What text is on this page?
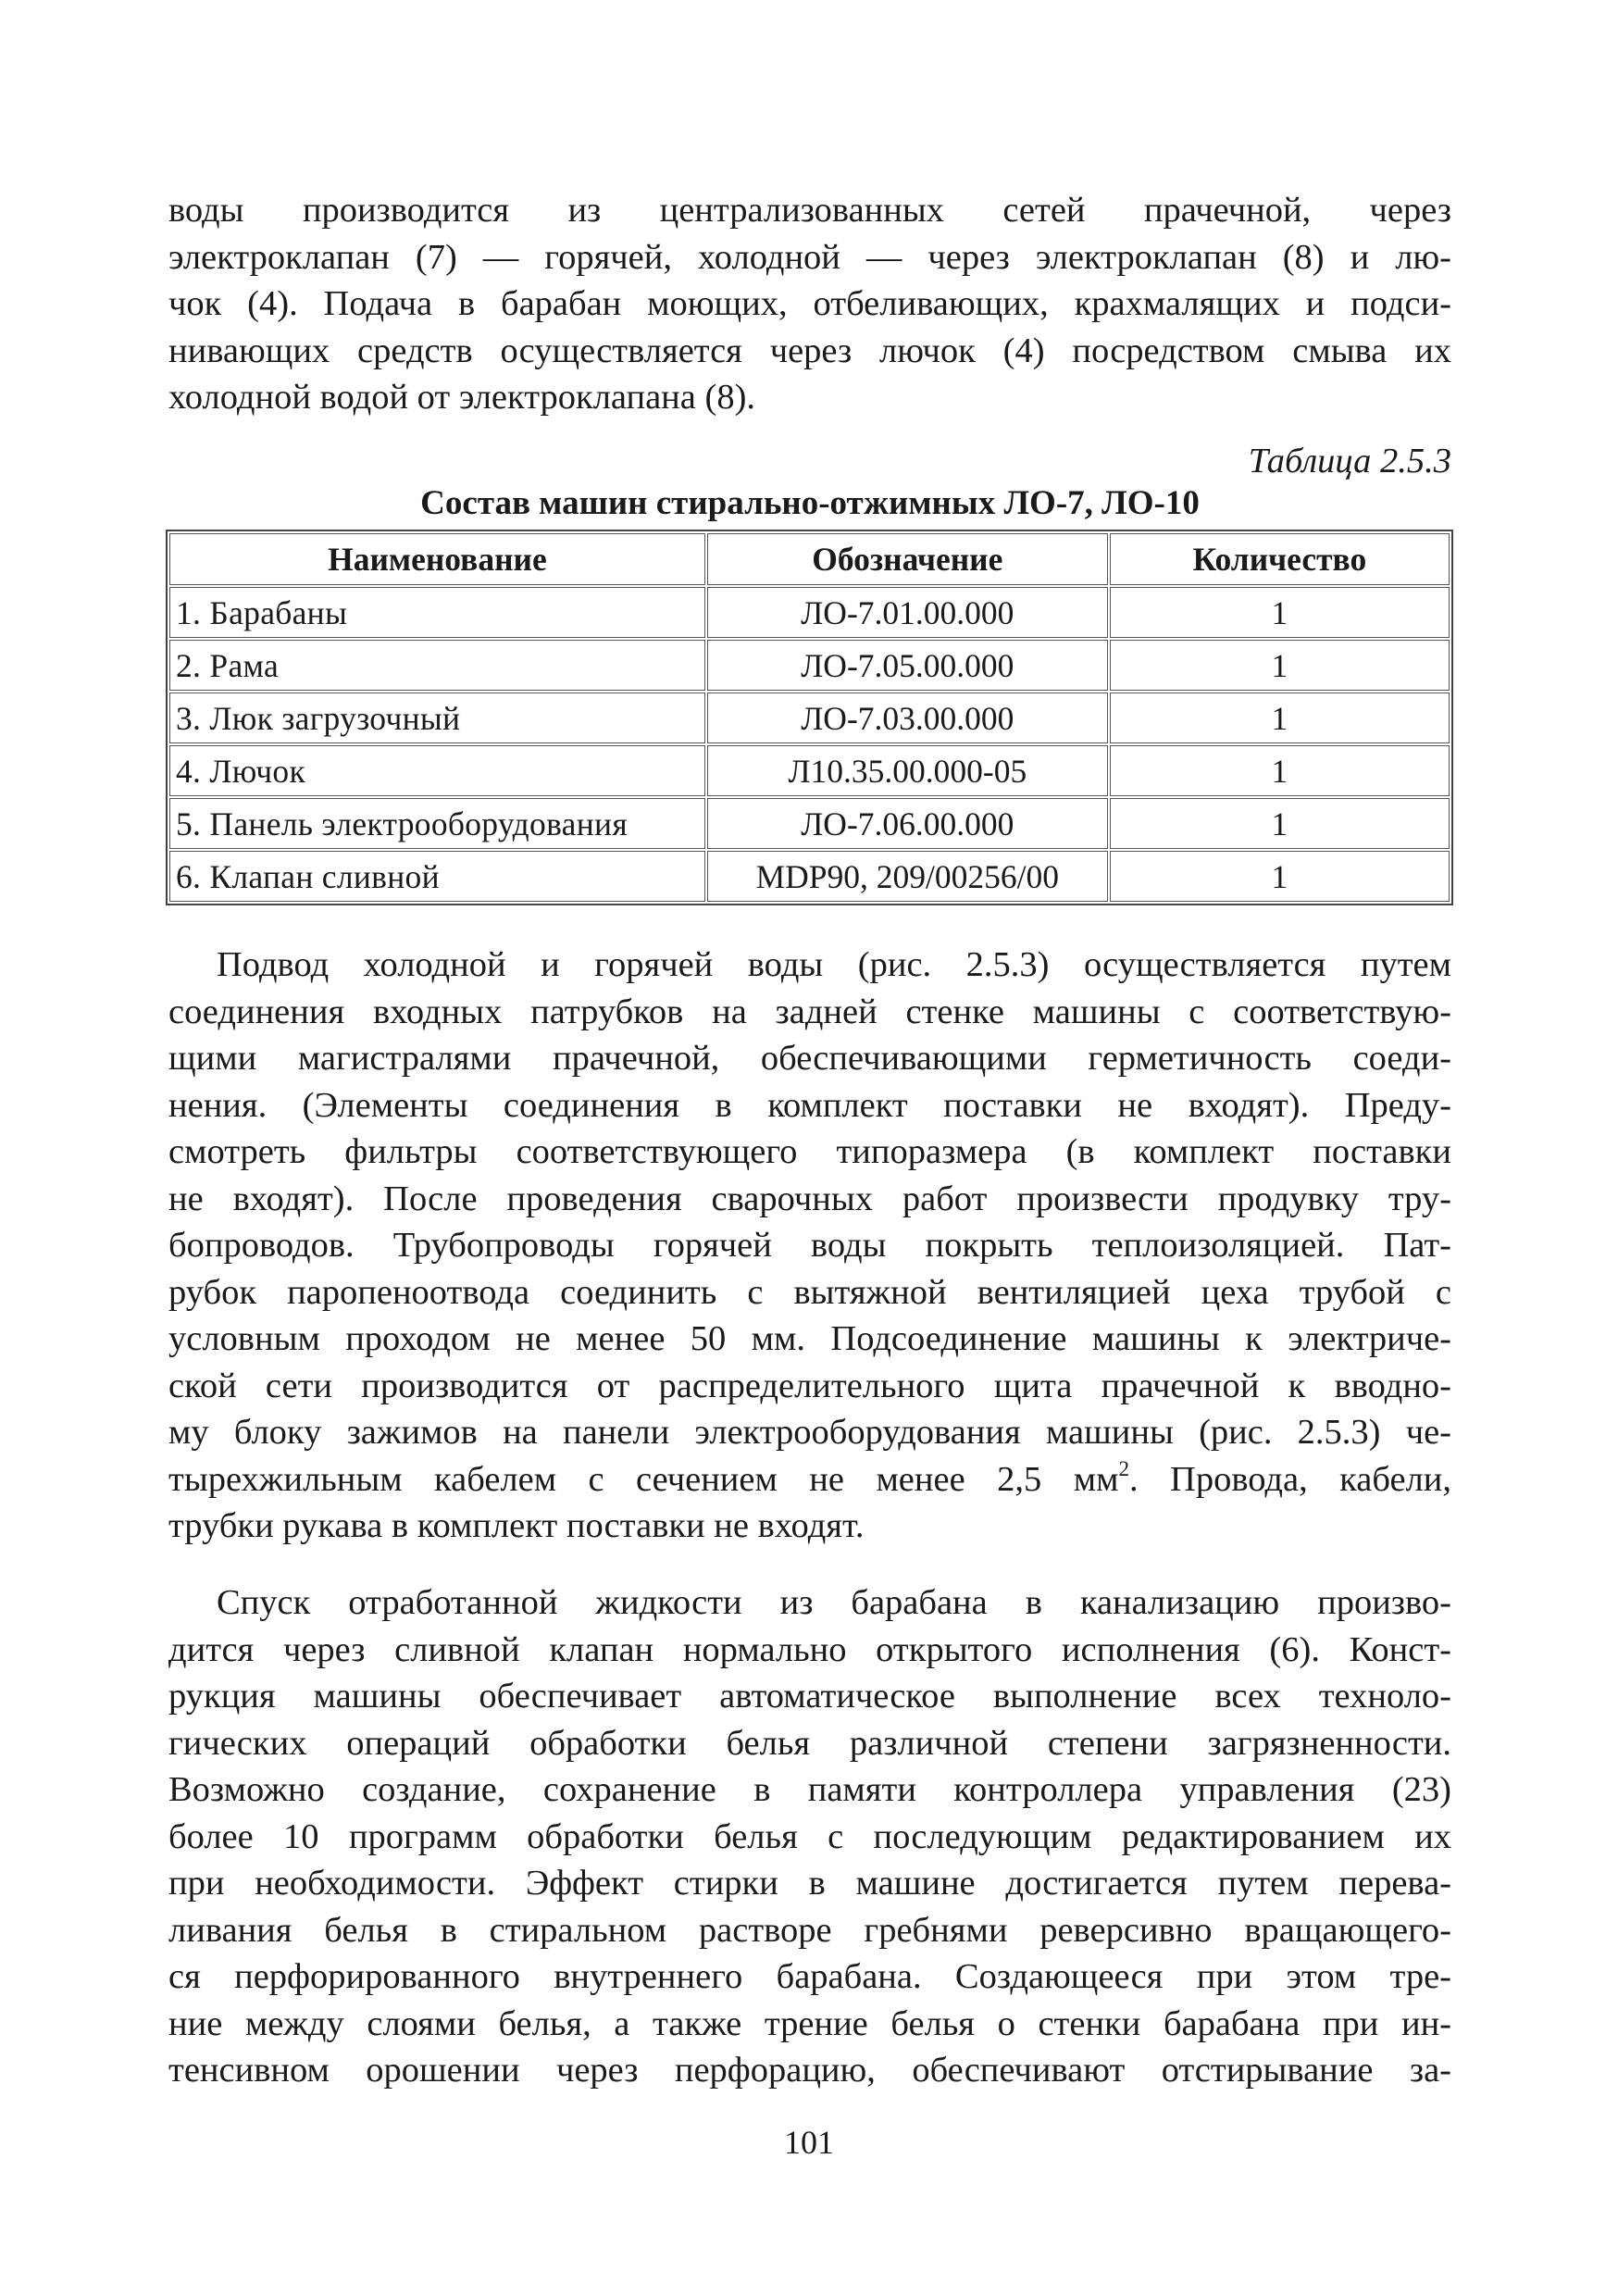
воды производится из централизованных сетей прачечной, через
электроклапан (7) — горячей, холодной — через электроклапан (8) и лю-
чок (4). Подача в барабан моющих, отбеливающих, крахмалящих и подси-
нивающих средств осуществляется через лючок (4) посредством смыва их
холодной водой от электроклапана (8).

Таблица 2.5.3
Состав машин стирально-отжимных ЛО-7, ЛО-10
Наименование	Обозначение	Количество
1. Барабаны	ЛО-7.01.00.000	1
2. Рама	ЛО-7.05.00.000	1
3. Люк загрузочный	ЛО-7.03.00.000	1
4. Лючок	Л10.35.00.000-05	1
5. Панель электрооборудования	ЛО-7.06.00.000	1
6. Клапан сливной	MDP90, 209/00256/00	1

Подвод холодной и горячей воды (рис. 2.5.3) осуществляется путем
соединения входных патрубков на задней стенке машины с соответствую-
щими магистралями прачечной, обеспечивающими герметичность соеди-
нения. (Элементы соединения в комплект поставки не входят). Преду-
смотреть фильтры соответствующего типоразмера (в комплект поставки
не входят). После проведения сварочных работ произвести продувку тру-
бопроводов. Трубопроводы горячей воды покрыть теплоизоляцией. Пат-
рубок паропеноотвода соединить с вытяжной вентиляцией цеха трубой с
условным проходом не менее 50 мм. Подсоединение машины к электриче-
ской сети производится от распределительного щита прачечной к вводно-
му блоку зажимов на панели электрооборудования машины (рис. 2.5.3) че-
тырехжильным кабелем с сечением не менее 2,5 $мм^2$. Провода, кабели,
трубки рукава в комплект поставки не входят.

Спуск отработанной жидкости из барабана в канализацию произво-
дится через сливной клапан нормально открытого исполнения (6). Конст-
рукция машины обеспечивает автоматическое выполнение всех техноло-
гических операций обработки белья различной степени загрязненности.
Возможно создание, сохранение в памяти контроллера управления (23)
более 10 программ обработки белья с последующим редактированием их
при необходимости. Эффект стирки в машине достигается путем перева-
ливания белья в стиральном растворе гребнями реверсивно вращающего-
ся перфорированного внутреннего барабана. Создающееся при этом тре-
ние между слоями белья, а также трение белья о стенки барабана при ин-
тенсивном орошении через перфорацию, обеспечивают отстирывание за-

101
